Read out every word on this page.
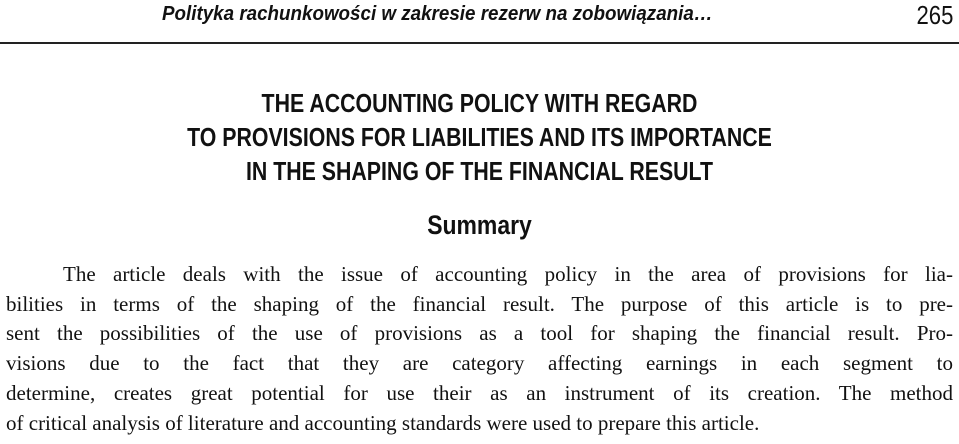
Polityka rachunkowości w zakresie rezerw na zobowiązania…	265
THE ACCOUNTING POLICY WITH REGARD
TO PROVISIONS FOR LIABILITIES AND ITS IMPORTANCE
IN THE SHAPING OF THE FINANCIAL RESULT
Summary
The article deals with the issue of accounting policy in the area of provisions for lia-
bilities in terms of the shaping of the financial result. The purpose of this article is to pre-
sent the possibilities of the use of provisions as a tool for shaping the financial result. Pro-
visions due to the fact that they are category affecting earnings in each segment to
determine, creates great potential for use their as an instrument of its creation. The method
of critical analysis of literature and accounting standards were used to prepare this article.
